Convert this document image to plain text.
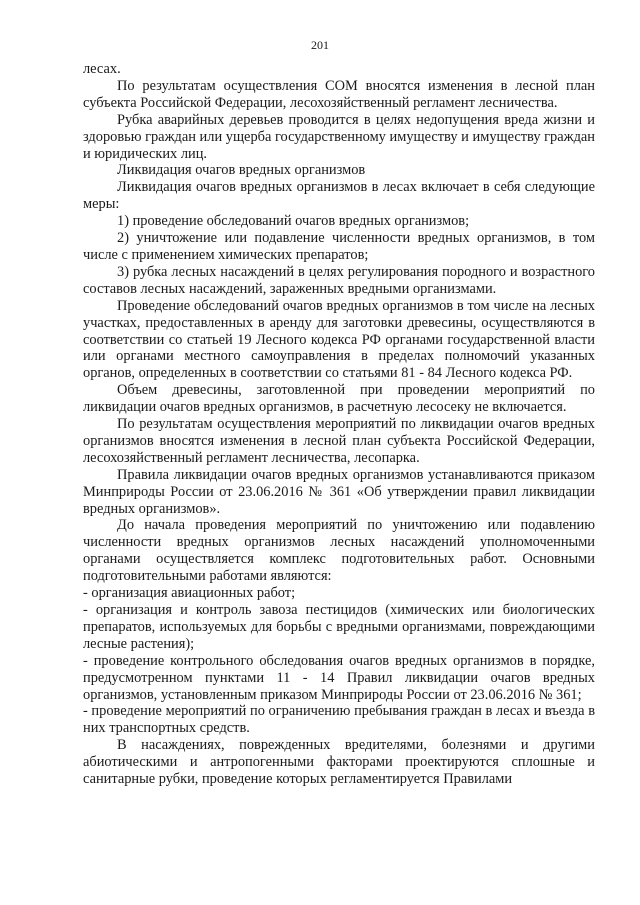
201

лесах.

По результатам осуществления СОМ вносятся изменения в лесной план субъекта Российской Федерации, лесохозяйственный регламент лесничества.

Рубка аварийных деревьев проводится в целях недопущения вреда жизни и здоровью граждан или ущерба государственному имуществу и имуществу граждан и юридических лиц.

Ликвидация очагов вредных организмов

Ликвидация очагов вредных организмов в лесах включает в себя следующие меры:

1) проведение обследований очагов вредных организмов;

2) уничтожение или подавление численности вредных организмов, в том числе с применением химических препаратов;

3) рубка лесных насаждений в целях регулирования породного и возрастного составов лесных насаждений, зараженных вредными организмами.

Проведение обследований очагов вредных организмов в том числе на лесных участках, предоставленных в аренду для заготовки древесины, осуществляются в соответствии со статьей 19 Лесного кодекса РФ органами государственной власти или органами местного самоуправления в пределах полномочий указанных органов, определенных в соответствии со статьями 81 - 84 Лесного кодекса РФ.

Объем древесины, заготовленной при проведении мероприятий по ликвидации очагов вредных организмов, в расчетную лесосеку не включается.

По результатам осуществления мероприятий по ликвидации очагов вредных организмов вносятся изменения в лесной план субъекта Российской Федерации, лесохозяйственный регламент лесничества, лесопарка.

Правила ликвидации очагов вредных организмов устанавливаются приказом Минприроды России от 23.06.2016 № 361 «Об утверждении правил ликвидации вредных организмов».

До начала проведения мероприятий по уничтожению или подавлению численности вредных организмов лесных насаждений уполномоченными органами осуществляется комплекс подготовительных работ. Основными подготовительными работами являются:

- организация авиационных работ;

- организация и контроль завоза пестицидов (химических или биологических препаратов, используемых для борьбы с вредными организмами, повреждающими лесные растения);

- проведение контрольного обследования очагов вредных организмов в порядке, предусмотренном пунктами 11 - 14 Правил ликвидации очагов вредных организмов, установленным приказом Минприроды России от 23.06.2016 № 361;

- проведение мероприятий по ограничению пребывания граждан в лесах и въезда в них транспортных средств.

В насаждениях, поврежденных вредителями, болезнями и другими абиотическими и антропогенными факторами проектируются сплошные и санитарные рубки, проведение которых регламентируется Правилами
